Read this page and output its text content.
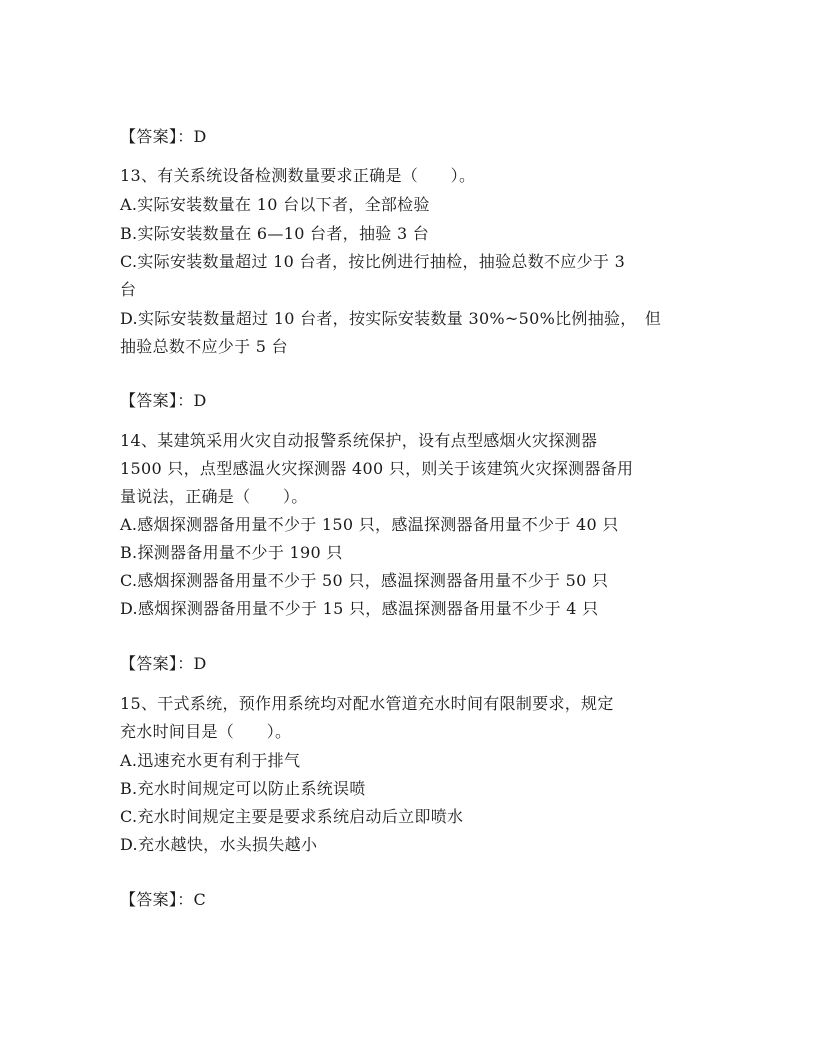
【答案】：D
13、有关系统设备检测数量要求正确是（　　）。
A.实际安装数量在 10 台以下者，全部检验
B.实际安装数量在 6—10 台者，抽验 3 台
C.实际安装数量超过 10 台者，按比例进行抽检，抽验总数不应少于 3
台
D.实际安装数量超过 10 台者，按实际安装数量 30%~50%比例抽验，　但
抽验总数不应少于 5 台
【答案】：D
14、某建筑采用火灾自动报警系统保护，设有点型感烟火灾探测器
1500 只，点型感温火灾探测器 400 只，则关于该建筑火灾探测器备用
量说法，正确是（　　）。
A.感烟探测器备用量不少于 150 只，感温探测器备用量不少于 40 只
B.探测器备用量不少于 190 只
C.感烟探测器备用量不少于 50 只，感温探测器备用量不少于 50 只
D.感烟探测器备用量不少于 15 只，感温探测器备用量不少于 4 只
【答案】：D
15、干式系统，预作用系统均对配水管道充水时间有限制要求，规定
充水时间目是（　　）。
A.迅速充水更有利于排气
B.充水时间规定可以防止系统误喷
C.充水时间规定主要是要求系统启动后立即喷水
D.充水越快，水头损失越小
【答案】：C
